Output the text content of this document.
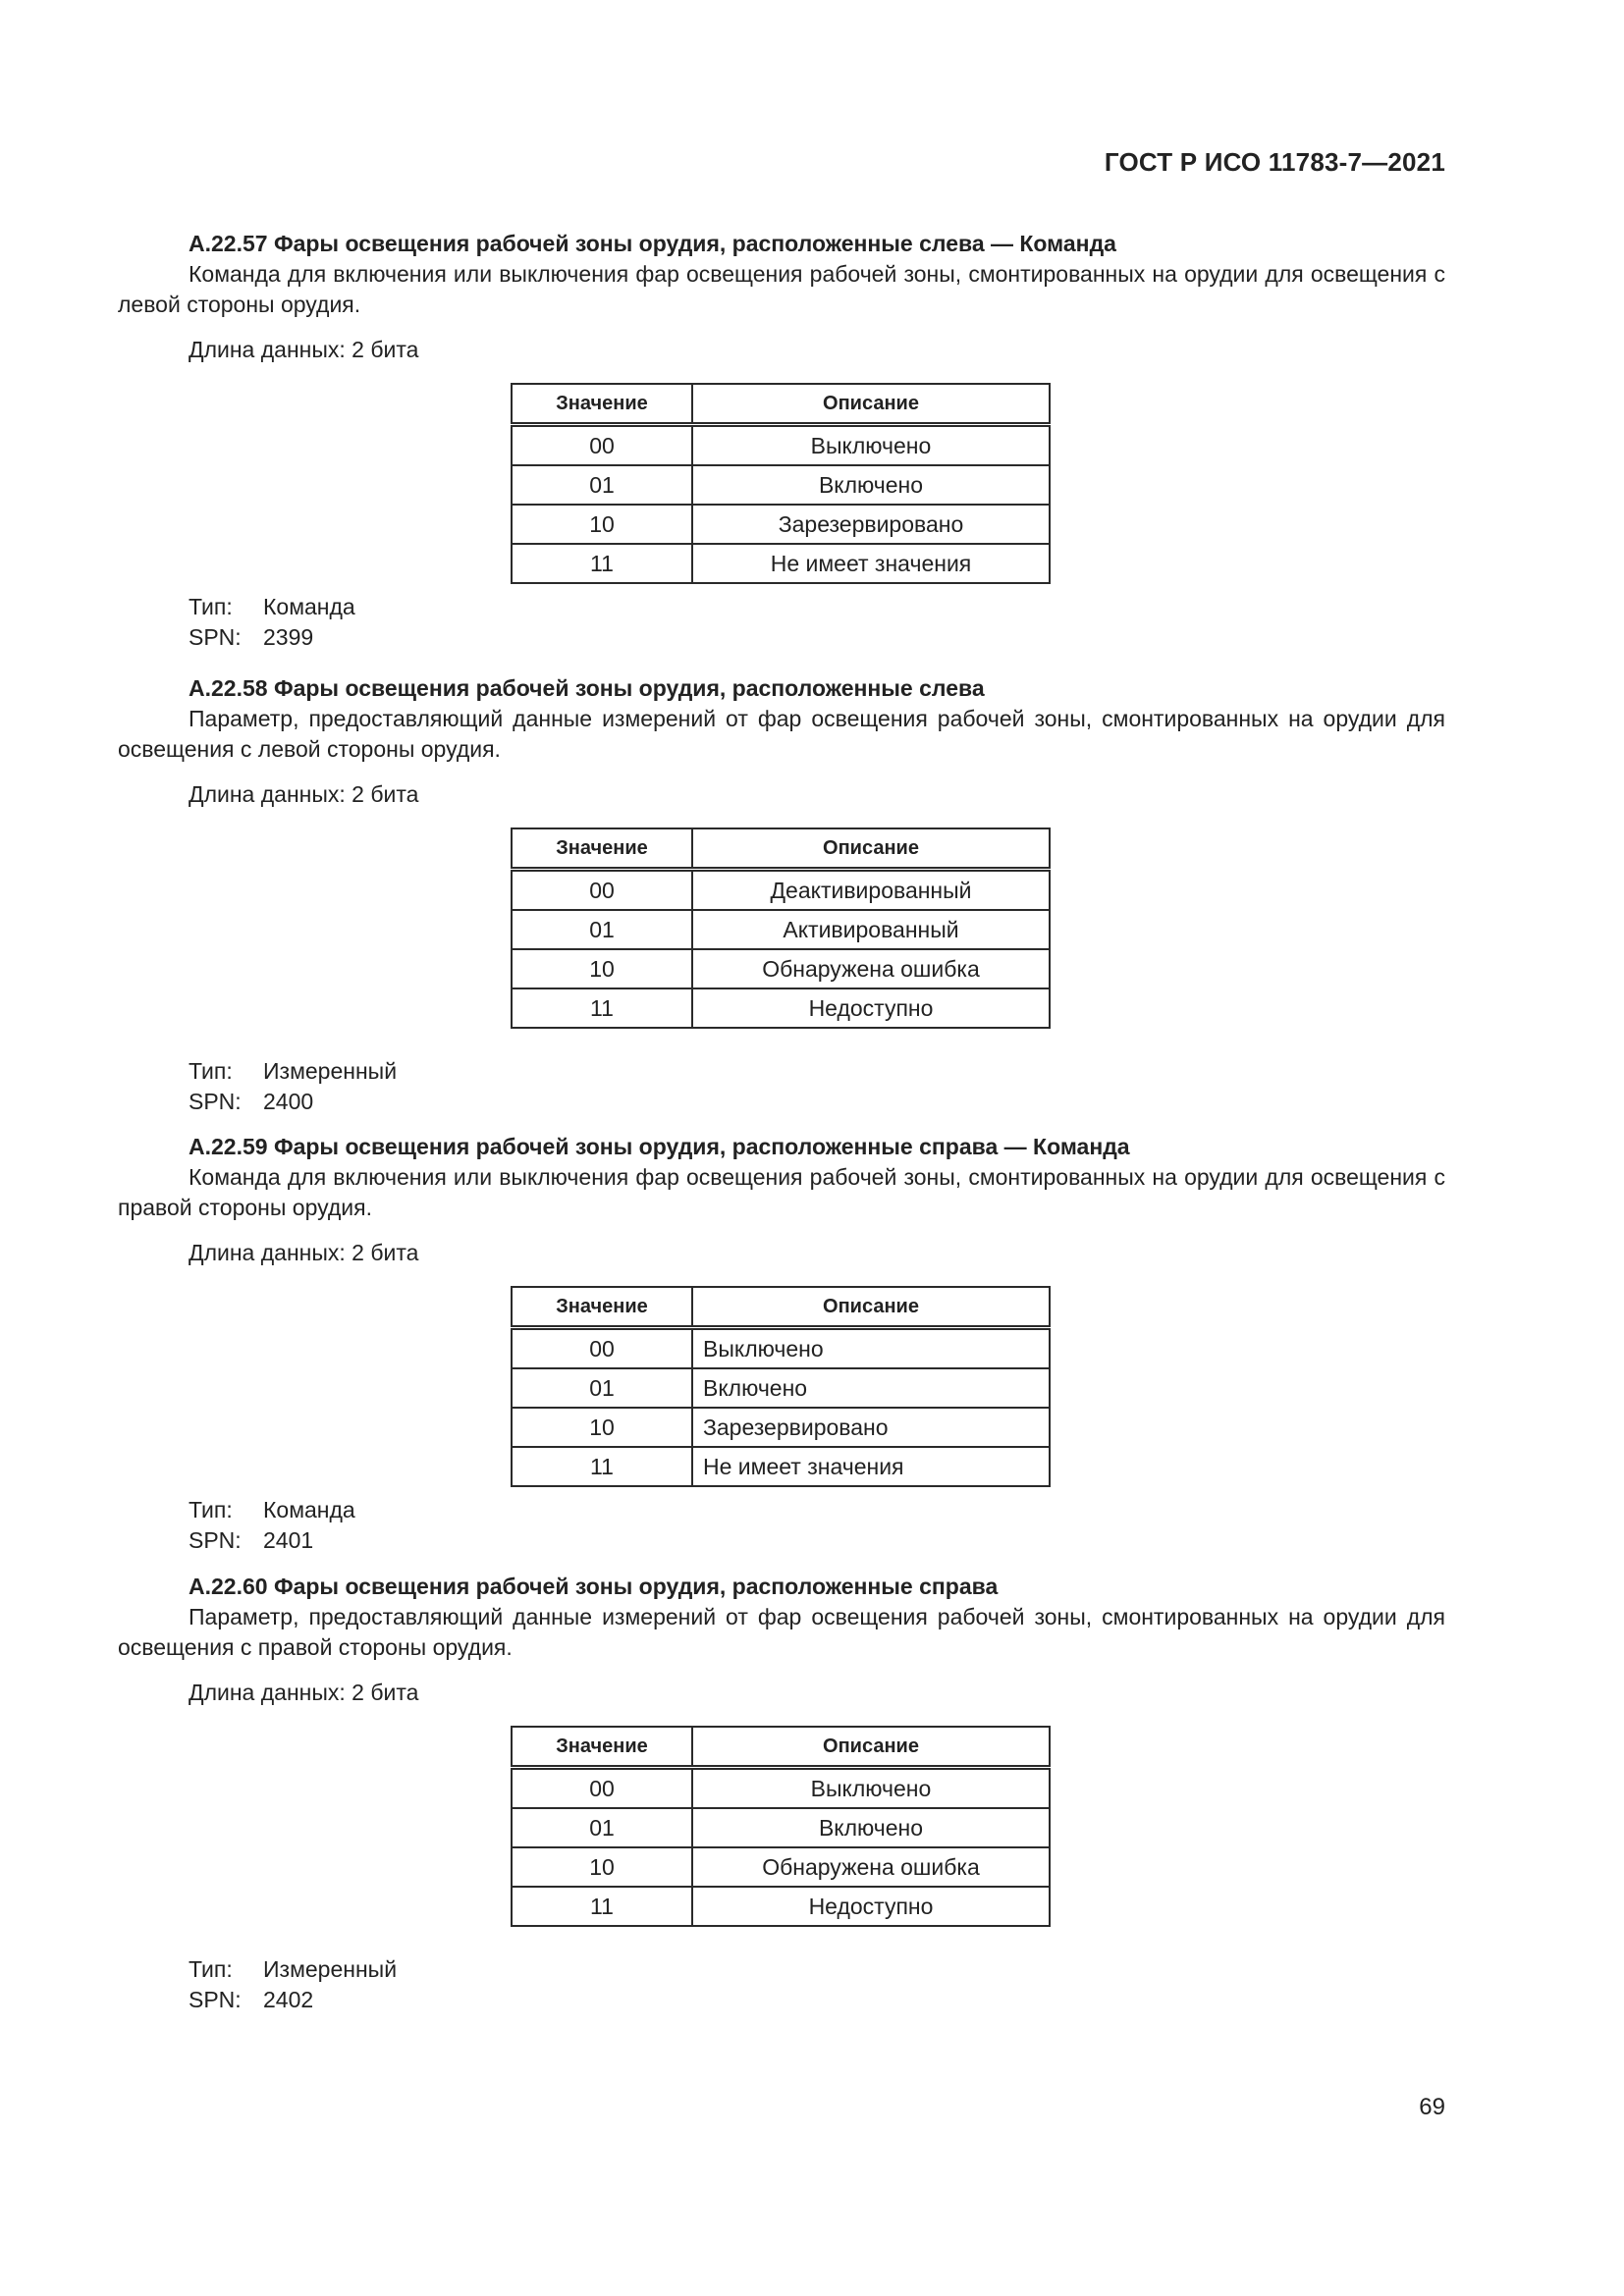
ГОСТ Р ИСО 11783-7—2021
А.22.57 Фары освещения рабочей зоны орудия, расположенные слева — Команда

Команда для включения или выключения фар освещения рабочей зоны, смонтированных на орудии для освещения с левой стороны орудия.

Длина данных: 2 бита
Значение	Описание
00	Выключено
01	Включено
10	Зарезервировано
11	Не имеет значения
Тип: Команда
SPN: 2399
А.22.58 Фары освещения рабочей зоны орудия, расположенные слева

Параметр, предоставляющий данные измерений от фар освещения рабочей зоны, смонтированных на орудии для освещения с левой стороны орудия.

Длина данных: 2 бита
Значение	Описание
00	Деактивированный
01	Активированный
10	Обнаружена ошибка
11	Недоступно
Тип: Измеренный
SPN: 2400
А.22.59 Фары освещения рабочей зоны орудия, расположенные справа — Команда

Команда для включения или выключения фар освещения рабочей зоны, смонтированных на орудии для освещения с правой стороны орудия.

Длина данных: 2 бита
Значение	Описание
00	Выключено
01	Включено
10	Зарезервировано
11	Не имеет значения
Тип: Команда
SPN: 2401
А.22.60 Фары освещения рабочей зоны орудия, расположенные справа

Параметр, предоставляющий данные измерений от фар освещения рабочей зоны, смонтированных на орудии для освещения с правой стороны орудия.

Длина данных: 2 бита
Значение	Описание
00	Выключено
01	Включено
10	Обнаружена ошибка
11	Недоступно
Тип: Измеренный
SPN: 2402
69
